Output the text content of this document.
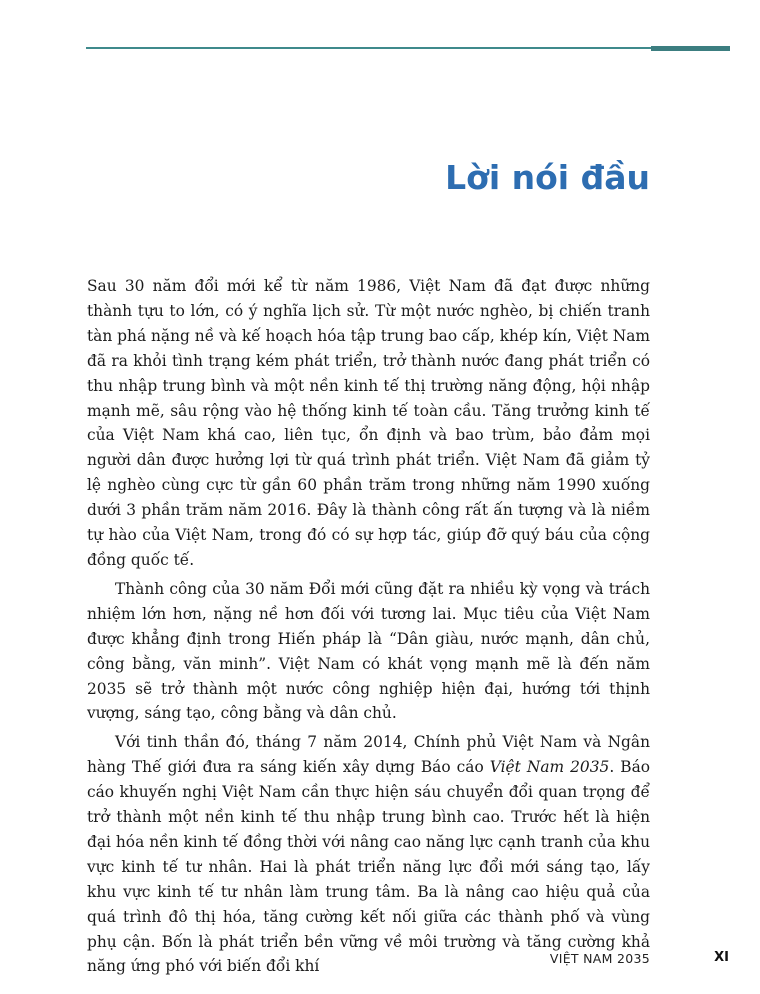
Lời nói đầu

Sau 30 năm đổi mới kể từ năm 1986, Việt Nam đã đạt được những thành tựu to lớn, có ý nghĩa lịch sử. Từ một nước nghèo, bị chiến tranh tàn phá nặng nề và kế hoạch hóa tập trung bao cấp, khép kín, Việt Nam đã ra khỏi tình trạng kém phát triển, trở thành nước đang phát triển có thu nhập trung bình và một nền kinh tế thị trường năng động, hội nhập mạnh mẽ, sâu rộng vào hệ thống kinh tế toàn cầu. Tăng trưởng kinh tế của Việt Nam khá cao, liên tục, ổn định và bao trùm, bảo đảm mọi người dân được hưởng lợi từ quá trình phát triển. Việt Nam đã giảm tỷ lệ nghèo cùng cực từ gần 60 phần trăm trong những năm 1990 xuống dưới 3 phần trăm năm 2016. Đây là thành công rất ấn tượng và là niềm tự hào của Việt Nam, trong đó có sự hợp tác, giúp đỡ quý báu của cộng đồng quốc tế.

Thành công của 30 năm Đổi mới cũng đặt ra nhiều kỳ vọng và trách nhiệm lớn hơn, nặng nề hơn đối với tương lai. Mục tiêu của Việt Nam được khẳng định trong Hiến pháp là “Dân giàu, nước mạnh, dân chủ, công bằng, văn minh”. Việt Nam có khát vọng mạnh mẽ là đến năm 2035 sẽ trở thành một nước công nghiệp hiện đại, hướng tới thịnh vượng, sáng tạo, công bằng và dân chủ.

Với tinh thần đó, tháng 7 năm 2014, Chính phủ Việt Nam và Ngân hàng Thế giới đưa ra sáng kiến xây dựng Báo cáo Việt Nam 2035. Báo cáo khuyến nghị Việt Nam cần thực hiện sáu chuyển đổi quan trọng để trở thành một nền kinh tế thu nhập trung bình cao. Trước hết là hiện đại hóa nền kinh tế đồng thời với nâng cao năng lực cạnh tranh của khu vực kinh tế tư nhân. Hai là phát triển năng lực đổi mới sáng tạo, lấy khu vực kinh tế tư nhân làm trung tâm. Ba là nâng cao hiệu quả của quá trình đô thị hóa, tăng cường kết nối giữa các thành phố và vùng phụ cận. Bốn là phát triển bền vững về môi trường và tăng cường khả năng ứng phó với biến đổi khí	VIỆT NAM 2035	XI
